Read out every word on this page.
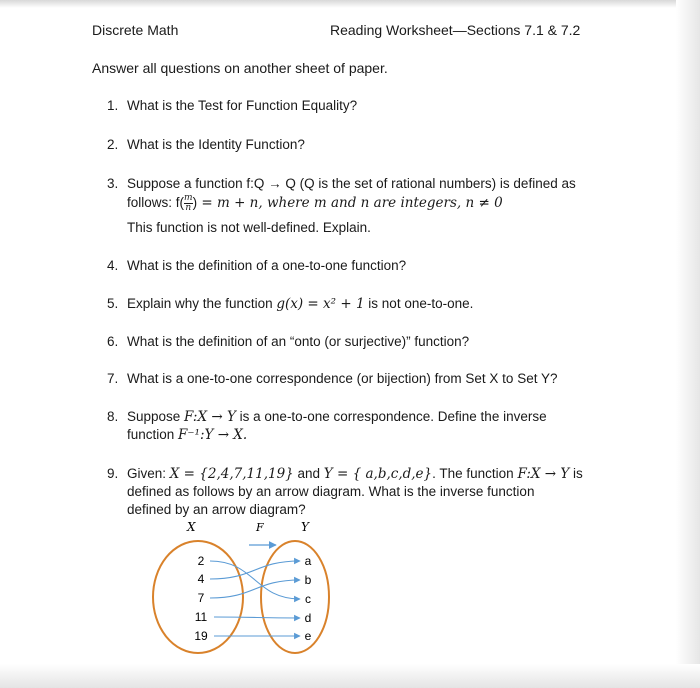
Discrete Math	Reading Worksheet—Sections 7.1 & 7.2
Answer all questions on another sheet of paper.
1. What is the Test for Function Equality?
2. What is the Identity Function?
3. Suppose a function f:Q → Q (Q is the set of rational numbers) is defined as
follows: $f( \frac{m}{n}$ ) = m + n, where m and n are integers, n ≠ 0
This function is not well-defined. Explain.
4. What is the definition of a one-to-one function?
5. Explain why the function g(x) = x² + 1 is not one-to-one.
6. What is the definition of an “onto (or surjective)” function?
7. What is a one-to-one correspondence (or bijection) from Set X to Set Y?
8. Suppose F:X → Y is a one-to-one correspondence. Define the inverse
function F⁻¹:Y → X.
9. Given: X = {2,4,7,11,19} and Y = { a,b,c,d,e}. The function F:X → Y is
defined as follows by an arrow diagram. What is the inverse function
defined by an arrow diagram?
X	F	Y
2
4
7
11
19
a
b
c
d
e
